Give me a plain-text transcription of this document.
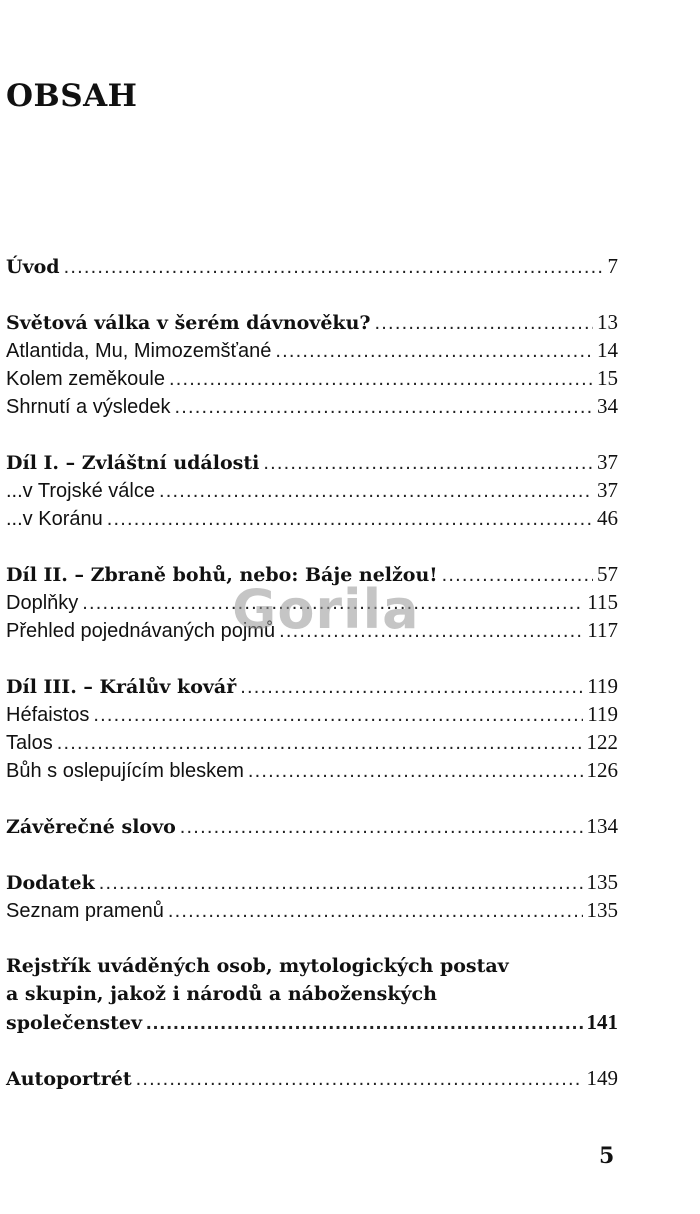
OBSAH
Úvod .....	7
Světová válka v šerém dávnověku? .....	13
Atlantida, Mu, Mimozemšťané .....	14
Kolem zeměkoule .....	15
Shrnutí a výsledek .....	34
Díl I. – Zvláštní události .....	37
...v Trojské válce .....	37
...v Koránu .....	46
Díl II. – Zbraně bohů, nebo: Báje nelžou! .....	57
Doplňky .....	115
Přehled pojednávaných pojmů .....	117
Díl III. – Králův kovář .....	119
Héfaistos .....	119
Talos .....	122
Bůh s oslepujícím bleskem .....	126
Závěrečné slovo .....	134
Dodatek .....	135
Seznam pramenů .....	135
Rejstřík uváděných osob, mytologických postav
a skupin, jakož i národů a náboženských
společenstev .....	141
Autoportrét .....	149
Gorila
5
